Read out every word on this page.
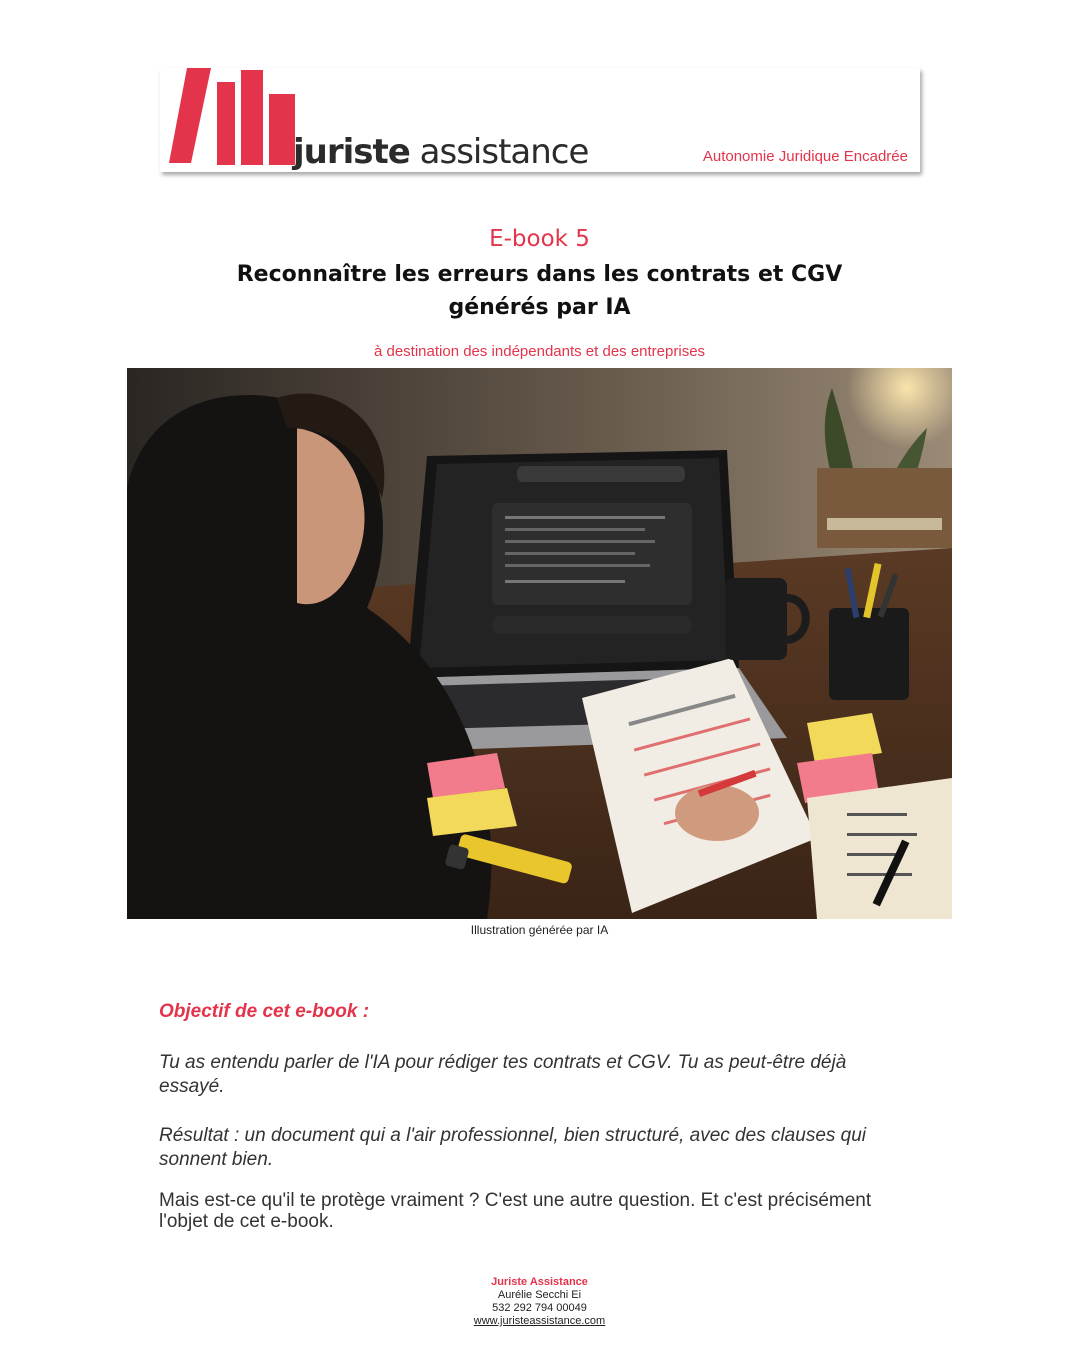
juriste assistance	Autonomie Juridique Encadrée
E-book 5
Reconnaître les erreurs dans les contrats et CGV
générés par IA
à destination des indépendants et des entreprises
Illustration générée par IA
Objectif de cet e-book :
Tu as entendu parler de l'IA pour rédiger tes contrats et CGV. Tu as peut-être déjà essayé.
Résultat : un document qui a l'air professionnel, bien structuré, avec des clauses qui sonnent bien.
Mais est-ce qu'il te protège vraiment ? C'est une autre question. Et c'est précisément l'objet de cet e-book.
Juriste Assistance
Aurélie Secchi Ei
532 292 794 00049
www.juristeassistance.com
